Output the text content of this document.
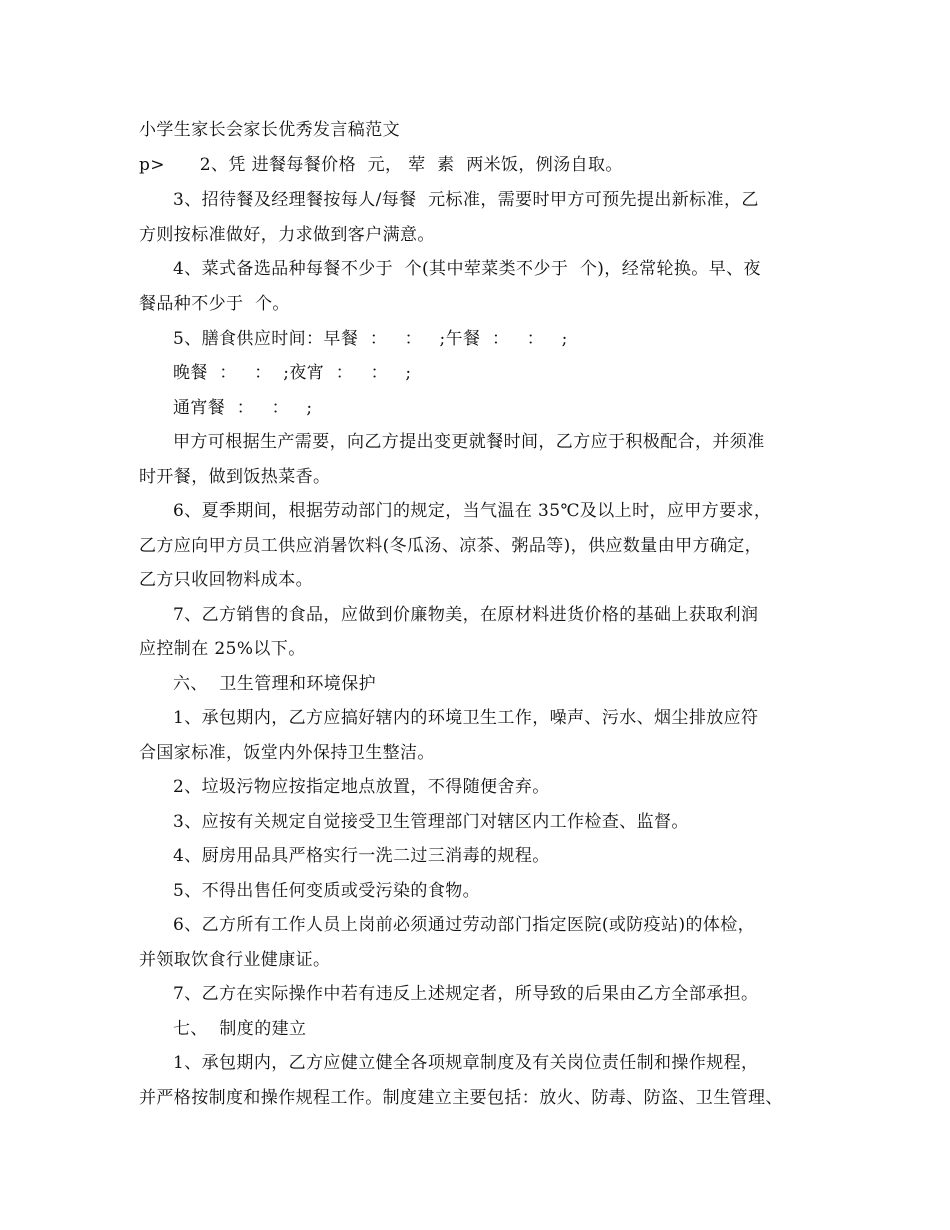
小学生家长会家长优秀发言稿范文
p>      2、凭 进餐每餐价格  元， 荤  素  两米饭，例汤自取。
3、招待餐及经理餐按每人/每餐  元标准，需要时甲方可预先提出新标准，乙
方则按标准做好，力求做到客户满意。
4、菜式备选品种每餐不少于  个(其中荤菜类不少于  个)，经常轮换。早、夜
餐品种不少于  个。
5、膳食供应时间：早餐  ：   ：   ;午餐  ：   ：   ;
晚餐  ：   ：  ;夜宵  ：   ：   ;
通宵餐  ：   ：   ;
甲方可根据生产需要，向乙方提出变更就餐时间，乙方应于积极配合，并须准
时开餐，做到饭热菜香。
6、夏季期间，根据劳动部门的规定，当气温在 35℃及以上时，应甲方要求，
乙方应向甲方员工供应消暑饮料(冬瓜汤、凉茶、粥品等)，供应数量由甲方确定，
乙方只收回物料成本。
7、乙方销售的食品，应做到价廉物美，在原材料进货价格的基础上获取利润
应控制在 25%以下。
六、  卫生管理和环境保护
1、承包期内，乙方应搞好辖内的环境卫生工作，噪声、污水、烟尘排放应符
合国家标准，饭堂内外保持卫生整洁。
2、垃圾污物应按指定地点放置，不得随便舍弃。
3、应按有关规定自觉接受卫生管理部门对辖区内工作检查、监督。
4、厨房用品具严格实行一洗二过三消毒的规程。
5、不得出售任何变质或受污染的食物。
6、乙方所有工作人员上岗前必须通过劳动部门指定医院(或防疫站)的体检，
并领取饮食行业健康证。
7、乙方在实际操作中若有违反上述规定者，所导致的后果由乙方全部承担。
七、  制度的建立
1、承包期内，乙方应健立健全各项规章制度及有关岗位责任制和操作规程，
并严格按制度和操作规程工作。制度建立主要包括：放火、防毒、防盗、卫生管理、
